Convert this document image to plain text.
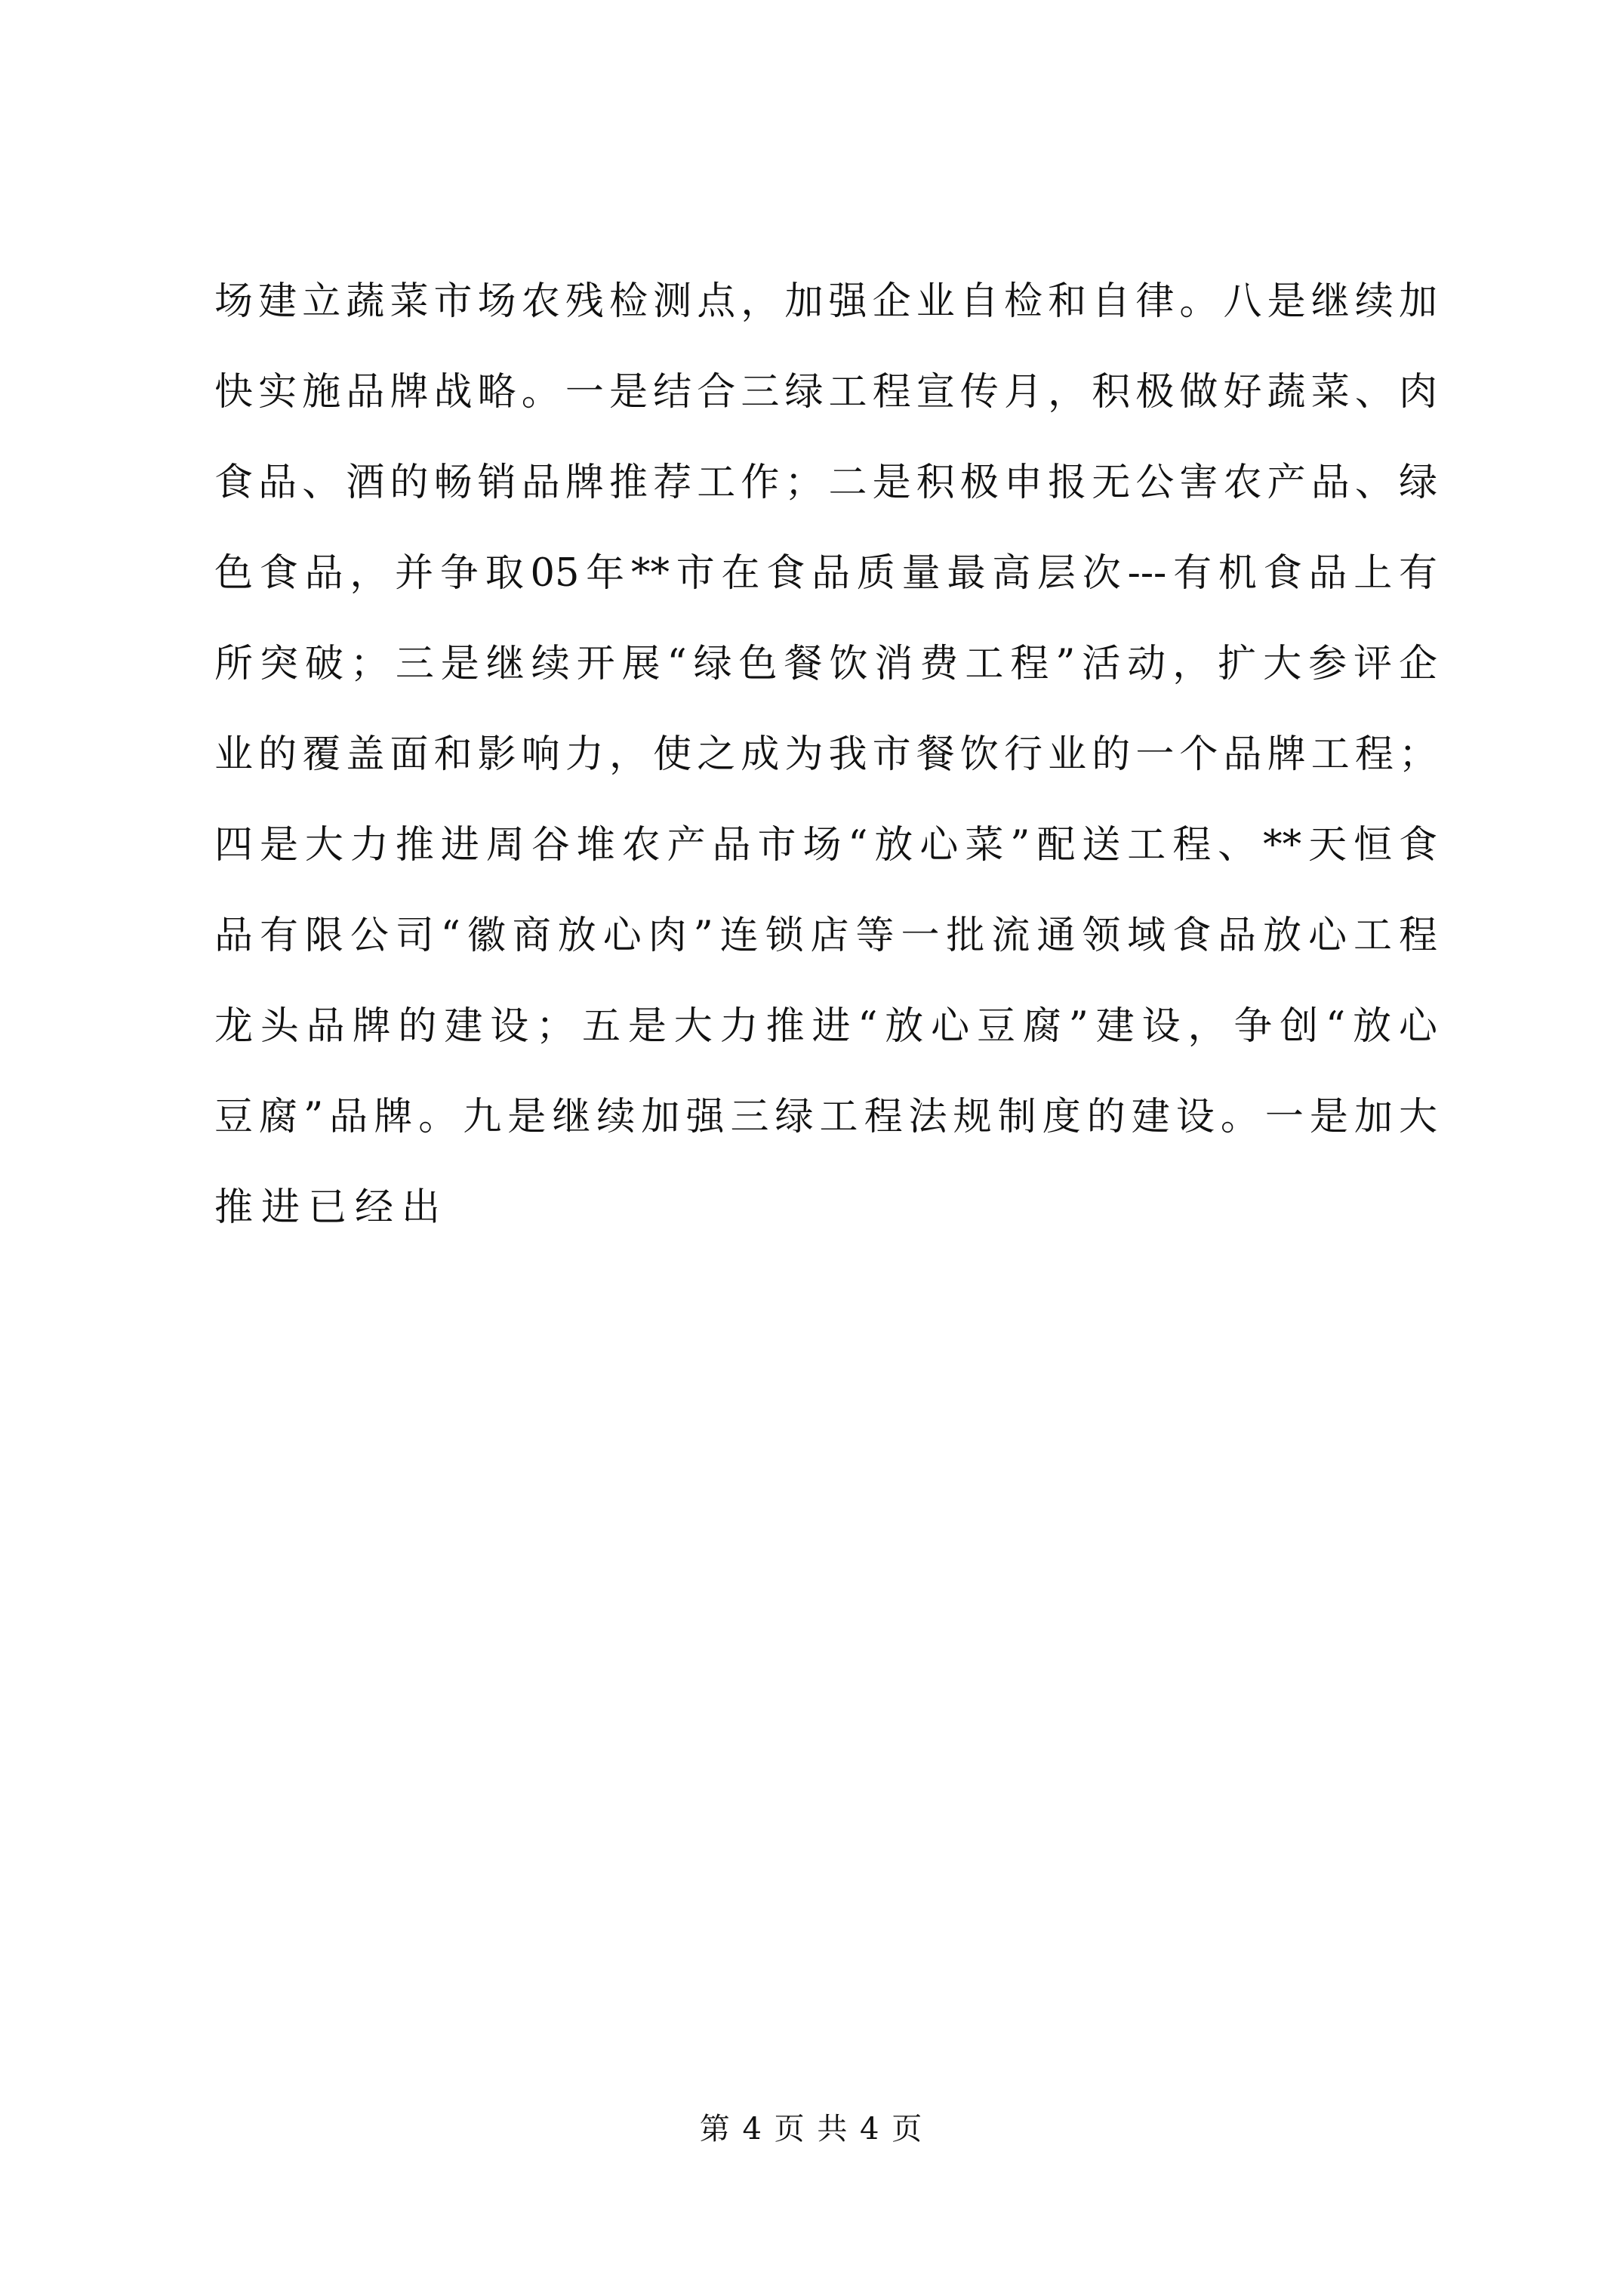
场建立蔬菜市场农残检测点，加强企业自检和自律。八是继续加
快实施品牌战略。一是结合三绿工程宣传月，积极做好蔬菜、肉
食品、酒的畅销品牌推荐工作；二是积极申报无公害农产品、绿
色食品，并争取05年**市在食品质量最高层次---有机食品上有
所突破；三是继续开展“绿色餐饮消费工程”活动，扩大参评企
业的覆盖面和影响力，使之成为我市餐饮行业的一个品牌工程；
四是大力推进周谷堆农产品市场“放心菜”配送工程、**天恒食
品有限公司“徽商放心肉”连锁店等一批流通领域食品放心工程
龙头品牌的建设；五是大力推进“放心豆腐”建设，争创“放心
豆腐”品牌。九是继续加强三绿工程法规制度的建设。一是加大
推进已经出
第 4 页 共 4 页
